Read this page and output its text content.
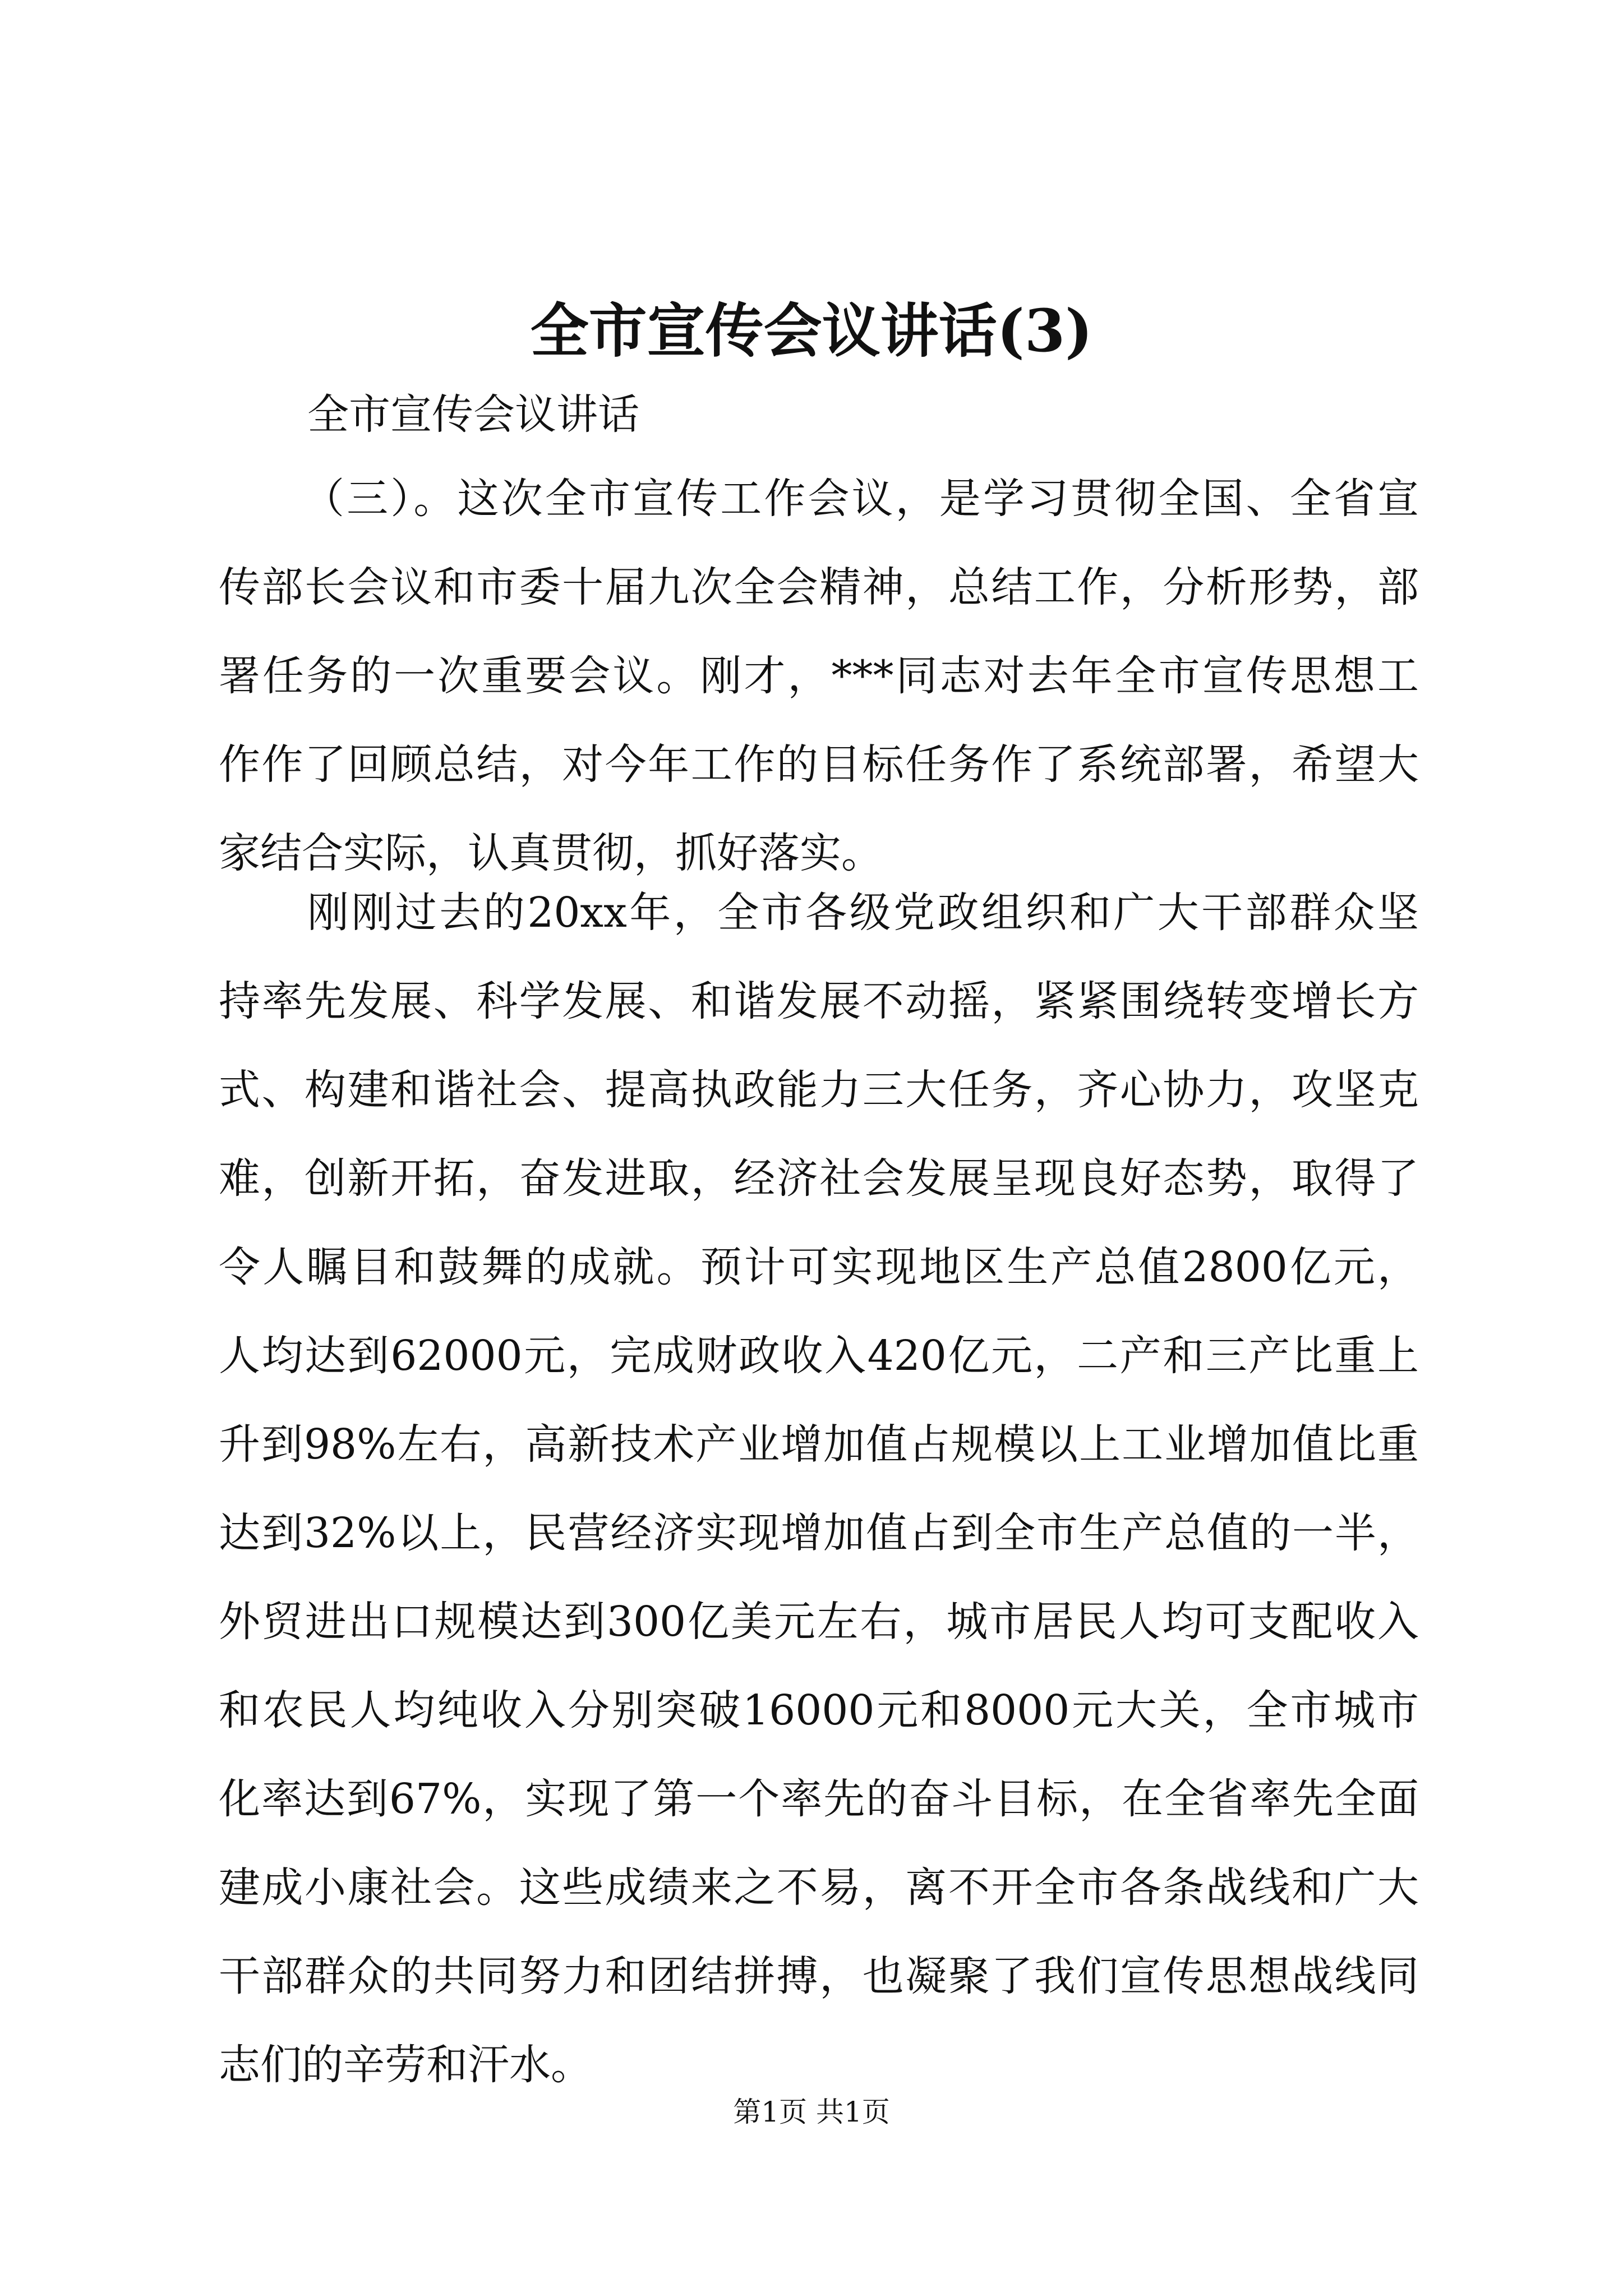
全市宣传会议讲话(3)
全市宣传会议讲话
（三）。这次全市宣传工作会议，是学习贯彻全国、全省宣
传部长会议和市委十届九次全会精神，总结工作，分析形势，部
署任务的一次重要会议。刚才，***同志对去年全市宣传思想工
作作了回顾总结，对今年工作的目标任务作了系统部署，希望大
家结合实际，认真贯彻，抓好落实。
刚刚过去的20xx年，全市各级党政组织和广大干部群众坚
持率先发展、科学发展、和谐发展不动摇，紧紧围绕转变增长方
式、构建和谐社会、提高执政能力三大任务，齐心协力，攻坚克
难，创新开拓，奋发进取，经济社会发展呈现良好态势，取得了
令人瞩目和鼓舞的成就。预计可实现地区生产总值2800亿元，
人均达到62000元，完成财政收入420亿元，二产和三产比重上
升到98%左右，高新技术产业增加值占规模以上工业增加值比重
达到32%以上，民营经济实现增加值占到全市生产总值的一半，
外贸进出口规模达到300亿美元左右，城市居民人均可支配收入
和农民人均纯收入分别突破16000元和8000元大关，全市城市
化率达到67%，实现了第一个率先的奋斗目标，在全省率先全面
建成小康社会。这些成绩来之不易，离不开全市各条战线和广大
干部群众的共同努力和团结拼搏，也凝聚了我们宣传思想战线同
志们的辛劳和汗水。
第1页 共1页
